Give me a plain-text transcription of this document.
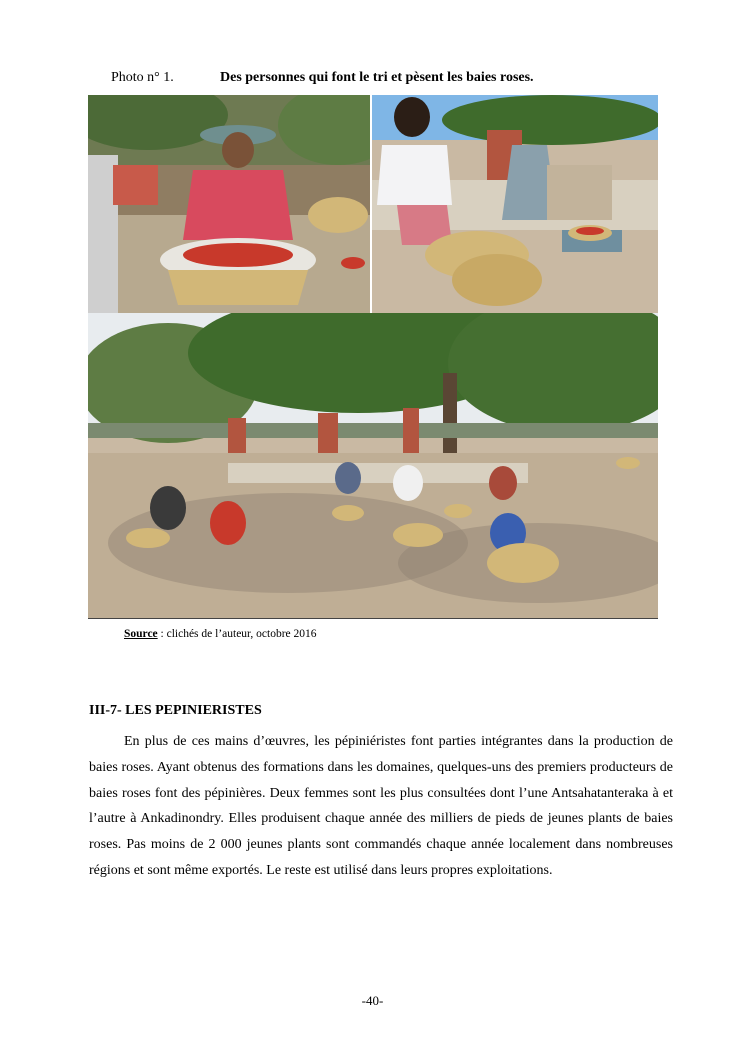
Photo n° 1.	Des personnes qui font le tri et pèsent les baies roses.
Source : clichés de l’auteur, octobre 2016
III-7- LES PEPINIERISTES

En plus de ces mains d’œuvres, les pépiniéristes font parties intégrantes dans la production de baies roses. Ayant obtenus des formations dans les domaines, quelques-uns des premiers producteurs de baies roses font des pépinières. Deux femmes sont les plus consultées dont l’une Antsahatanteraka à et l’autre à Ankadinondry. Elles produisent chaque année des milliers de pieds de jeunes plants de baies roses. Pas moins de 2 000 jeunes plants sont commandés chaque année localement dans nombreuses régions et sont même exportés. Le reste est utilisé dans leurs propres exploitations.

-40-
